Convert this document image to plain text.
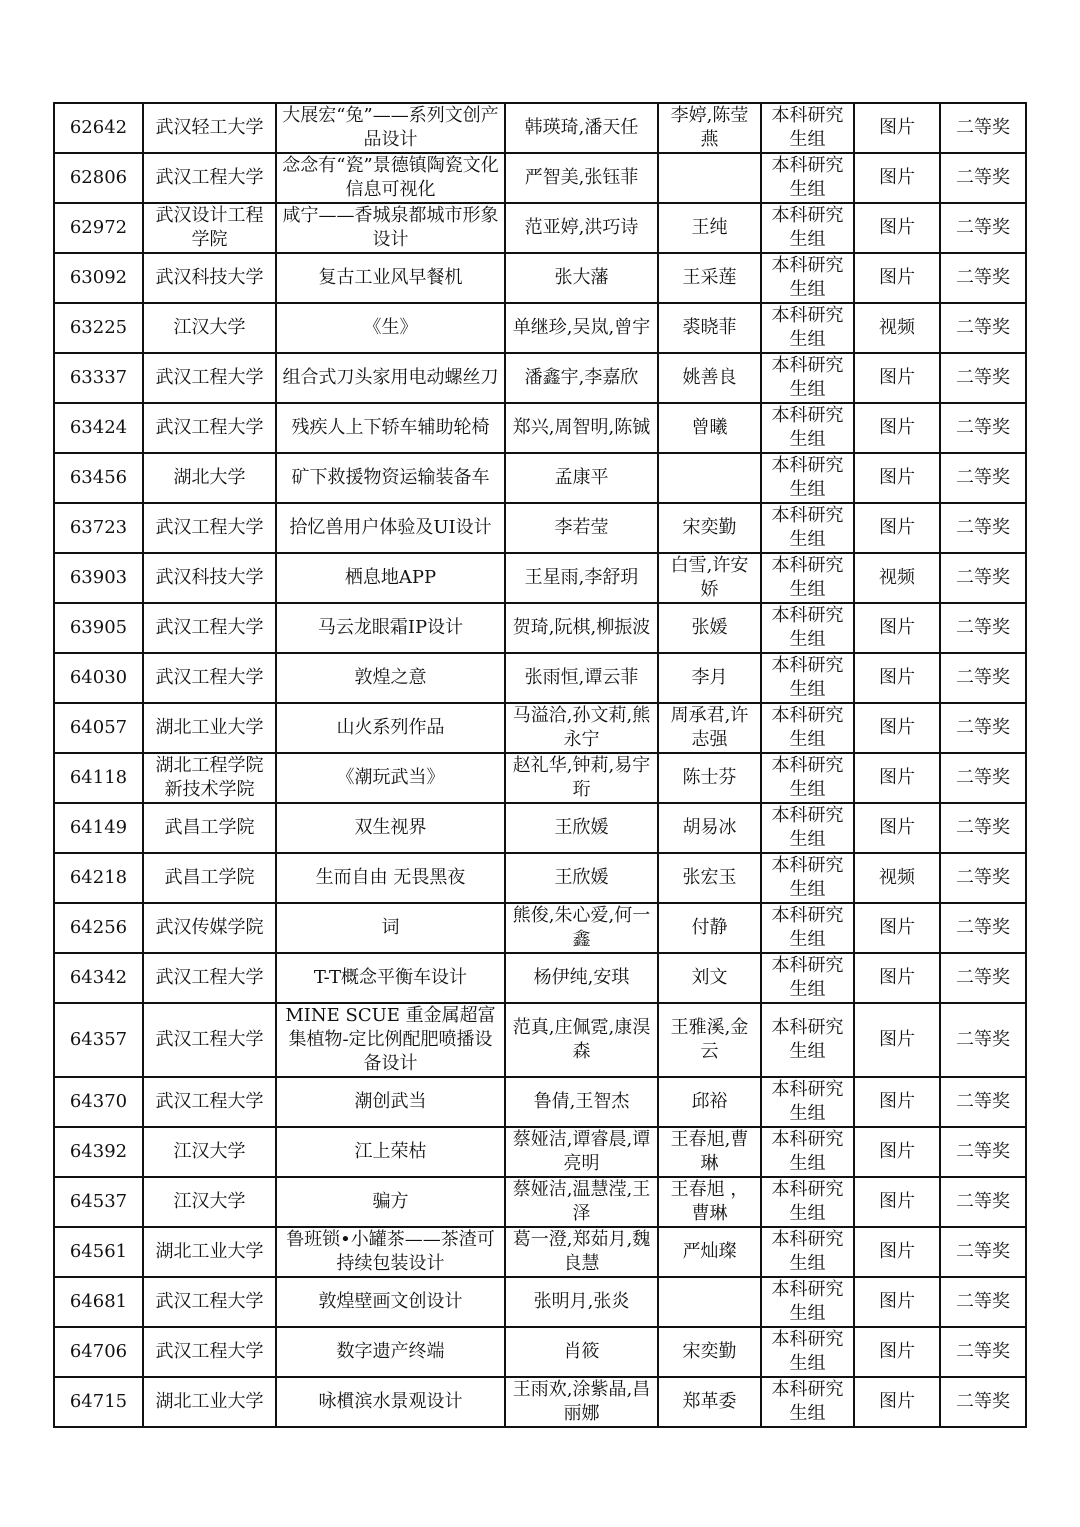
62642	武汉轻工大学	大展宏“兔”——系列文创产品设计	韩瑛琦,潘天任	李婷,陈莹燕	本科研究生组	图片	二等奖
62806	武汉工程大学	念念有“瓷”景德镇陶瓷文化信息可视化	严智美,张钰菲		本科研究生组	图片	二等奖
62972	武汉设计工程学院	咸宁——香城泉都城市形象设计	范亚婷,洪巧诗	王纯	本科研究生组	图片	二等奖
63092	武汉科技大学	复古工业风早餐机	张大藩	王采莲	本科研究生组	图片	二等奖
63225	江汉大学	《生》	单继珍,吴岚,曾宇	裘晓菲	本科研究生组	视频	二等奖
63337	武汉工程大学	组合式刀头家用电动螺丝刀	潘鑫宇,李嘉欣	姚善良	本科研究生组	图片	二等奖
63424	武汉工程大学	残疾人上下轿车辅助轮椅	郑兴,周智明,陈铖	曾曦	本科研究生组	图片	二等奖
63456	湖北大学	矿下救援物资运输装备车	孟康平		本科研究生组	图片	二等奖
63723	武汉工程大学	拾忆兽用户体验及UI设计	李若莹	宋奕勤	本科研究生组	图片	二等奖
63903	武汉科技大学	栖息地APP	王星雨,李舒玥	白雪,许安娇	本科研究生组	视频	二等奖
63905	武汉工程大学	马云龙眼霜IP设计	贺琦,阮棋,柳振波	张媛	本科研究生组	图片	二等奖
64030	武汉工程大学	敦煌之意	张雨恒,谭云菲	李月	本科研究生组	图片	二等奖
64057	湖北工业大学	山火系列作品	马溢洽,孙文莉,熊永宁	周承君,许志强	本科研究生组	图片	二等奖
64118	湖北工程学院新技术学院	《潮玩武当》	赵礼华,钟莉,易宇珩	陈士芬	本科研究生组	图片	二等奖
64149	武昌工学院	双生视界	王欣媛	胡易冰	本科研究生组	图片	二等奖
64218	武昌工学院	生而自由 无畏黑夜	王欣媛	张宏玉	本科研究生组	视频	二等奖
64256	武汉传媒学院	词	熊俊,朱心爱,何一鑫	付静	本科研究生组	图片	二等奖
64342	武汉工程大学	T-T概念平衡车设计	杨伊纯,安琪	刘文	本科研究生组	图片	二等奖
64357	武汉工程大学	MINE SCUE 重金属超富集植物-定比例配肥喷播设备设计	范真,庄佩霓,康淏森	王雅溪,金云	本科研究生组	图片	二等奖
64370	武汉工程大学	潮创武当	鲁倩,王智杰	邱裕	本科研究生组	图片	二等奖
64392	江汉大学	江上荣枯	蔡娅洁,谭睿晨,谭亮明	王春旭,曹琳	本科研究生组	图片	二等奖
64537	江汉大学	骗方	蔡娅洁,温慧滢,王泽	王春旭 ，曹琳	本科研究生组	图片	二等奖
64561	湖北工业大学	鲁班锁•小罐茶——茶渣可持续包装设计	葛一澄,郑茹月,魏良慧	严灿璨	本科研究生组	图片	二等奖
64681	武汉工程大学	敦煌壁画文创设计	张明月,张炎		本科研究生组	图片	二等奖
64706	武汉工程大学	数字遗产终端	肖筱	宋奕勤	本科研究生组	图片	二等奖
64715	湖北工业大学	咏樌滨水景观设计	王雨欢,涂紫晶,昌丽娜	郑革委	本科研究生组	图片	二等奖
